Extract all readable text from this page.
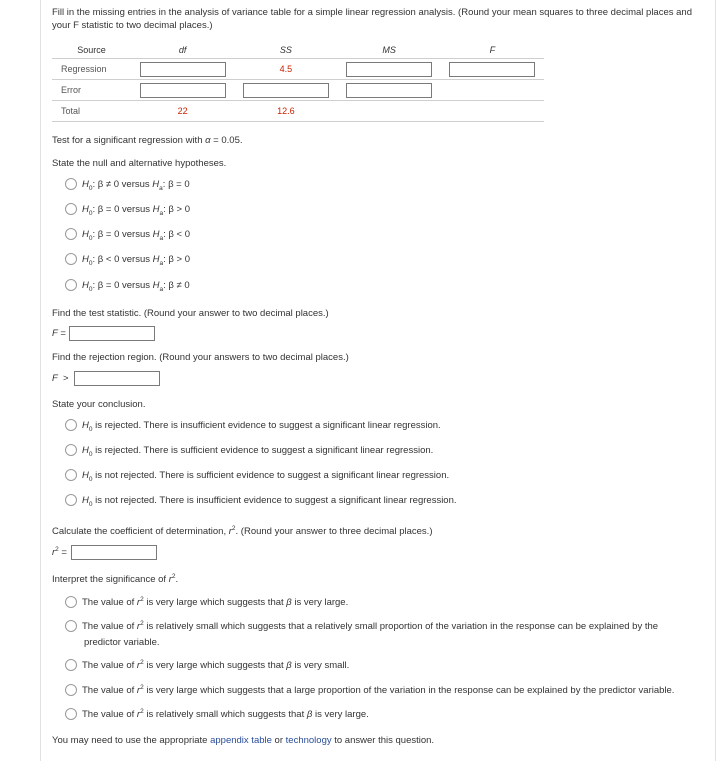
Fill in the missing entries in the analysis of variance table for a simple linear regression analysis. (Round your mean squares to three decimal places and your F statistic to two decimal places.)
Source	df	SS	MS	F
Regression		4.5		
Error				
Total	22	12.6		
Test for a significant regression with α = 0.05.
State the null and alternative hypotheses.
$H_0$: β ≠ 0 versus $H_a$: β = 0
$H_0$: β = 0 versus $H_a$: β > 0
$H_0$: β = 0 versus $H_a$: β < 0
$H_0$: β < 0 versus $H_a$: β > 0
$H_0$: β = 0 versus $H_a$: β ≠ 0
Find the test statistic. (Round your answer to two decimal places.)
F =
Find the rejection region. (Round your answers to two decimal places.)
F  >
State your conclusion.
$H_0$ is rejected. There is insufficient evidence to suggest a significant linear regression.
$H_0$ is rejected. There is sufficient evidence to suggest a significant linear regression.
$H_0$ is not rejected. There is sufficient evidence to suggest a significant linear regression.
$H_0$ is not rejected. There is insufficient evidence to suggest a significant linear regression.
Calculate the coefficient of determination, $r^2$. (Round your answer to three decimal places.)
$r^2$ =
Interpret the significance of $r^2$.
The value of $r^2$ is very large which suggests that β is very large.
The value of $r^2$ is relatively small which suggests that a relatively small proportion of the variation in the response can be explained by the
predictor variable.
The value of $r^2$ is very large which suggests that β is very small.
The value of $r^2$ is very large which suggests that a large proportion of the variation in the response can be explained by the predictor variable.
The value of $r^2$ is relatively small which suggests that β is very large.
You may need to use the appropriate appendix table or technology to answer this question.
